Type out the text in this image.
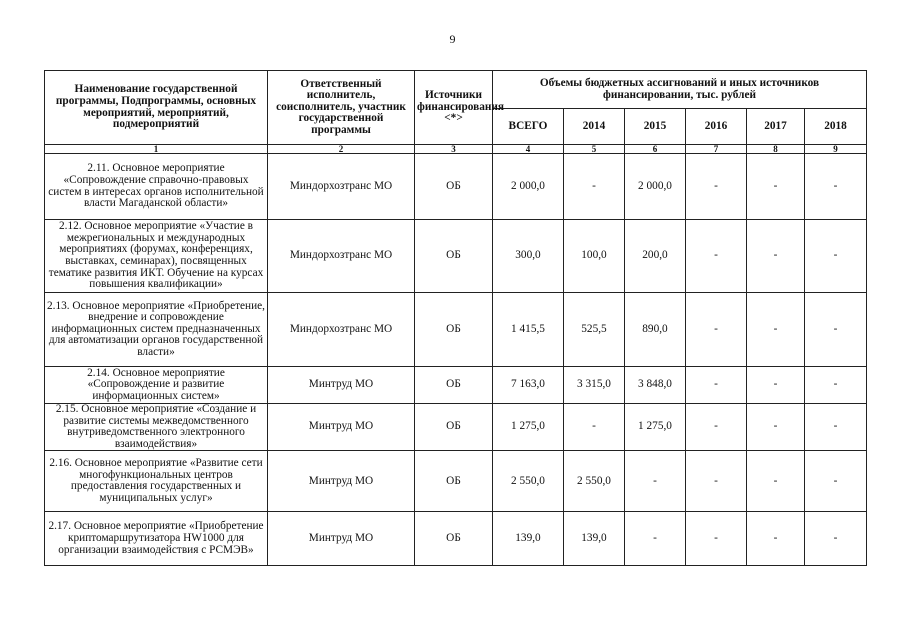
9
Наименование государственной программы, Подпрограммы, основных мероприятий, мероприятий, подмероприятий	Ответственный исполнитель, соисполнитель, участник государственной программы	Источники финансирования <*>	Объемы бюджетных ассигнований и иных источников финансировании, тыс. рублей					
			ВСЕГО	2014	2015	2016	2017	2018
1	2	3	4	5	6	7	8	9
2.11. Основное мероприятие «Сопровождение справочно-правовых систем в интересах органов исполнительной власти Магаданской области»	Миндорхозтранс МО	ОБ	2 000,0	-	2 000,0	-	-	-
2.12. Основное мероприятие «Участие в межрегиональных и международных мероприятиях (форумах, конференциях, выставках, семинарах), посвященных тематике развития ИКТ. Обучение на курсах повышения квалификации»	Миндорхозтранс МО	ОБ	300,0	100,0	200,0	-	-	-
2.13. Основное мероприятие «Приобретение, внедрение и сопровождение информационных систем предназначенных для автоматизации органов государственной власти»	Миндорхозтранс МО	ОБ	1 415,5	525,5	890,0	-	-	-
2.14. Основное мероприятие «Сопровождение и развитие информационных систем»	Минтруд МО	ОБ	7 163,0	3 315,0	3 848,0	-	-	-
2.15. Основное мероприятие «Создание и развитие системы межведомственного внутриведомственного электронного взаимодействия»	Минтруд МО	ОБ	1 275,0	-	1 275,0	-	-	-
2.16. Основное мероприятие «Развитие сети многофункциональных центров предоставления государственных и муниципальных услуг»	Минтруд МО	ОБ	2 550,0	2 550,0	-	-	-	-
2.17. Основное мероприятие «Приобретение криптомаршрутизатора HW1000 для организации взаимодействия с РСМЭВ»	Минтруд МО	ОБ	139,0	139,0	-	-	-	-
